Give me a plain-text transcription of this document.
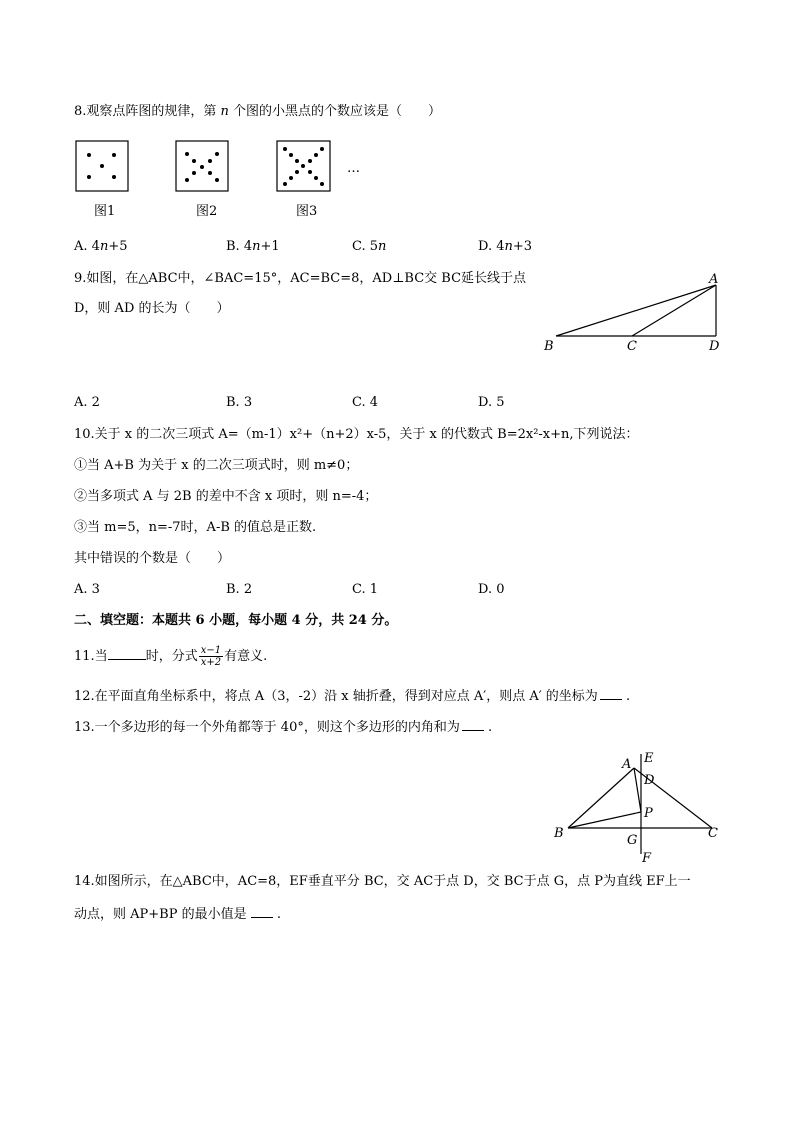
8.观察点阵图的规律，第 n 个图的小黑点的个数应该是（　　）
…
图1	图2	图3
A. 4n+5	B. 4n+1	C. 5n	D. 4n+3
9.如图，在△ABC中，∠BAC=15°，AC=BC=8，AD⊥BC交 BC延长线于点
D，则 AD 的长为（　　）
A
B	C	D
A. 2	B. 3	C. 4	D. 5
10.关于 x 的二次三项式 A=（m-1）x²+（n+2）x-5，关于 x 的代数式 B=2x²-x+n,下列说法：
①当 A+B 为关于 x 的二次三项式时，则 m≠0；
②当多项式 A 与 2B 的差中不含 x 项时，则 n=-4；
③当 m=5，n=-7时，A-B 的值总是正数.
其中错误的个数是（　　）
A. 3	B. 2	C. 1	D. 0
二、填空题：本题共 6 小题，每小题 4 分，共 24 分。
11.当	时，分式 $\frac{x-1}{x+2}$ 有意义.
12.在平面直角坐标系中，将点 A（3，-2）沿 x 轴折叠，得到对应点 A′，则点 A′ 的坐标为 .
13.一个多边形的每一个外角都等于 40°，则这个多边形的内角和为 .
A E
D
P
B	C
G
F
14.如图所示，在△ABC中，AC=8，EF垂直平分 BC，交 AC于点 D，交 BC于点 G，点 P为直线 EF上一
动点，则 AP+BP 的最小值是 .
